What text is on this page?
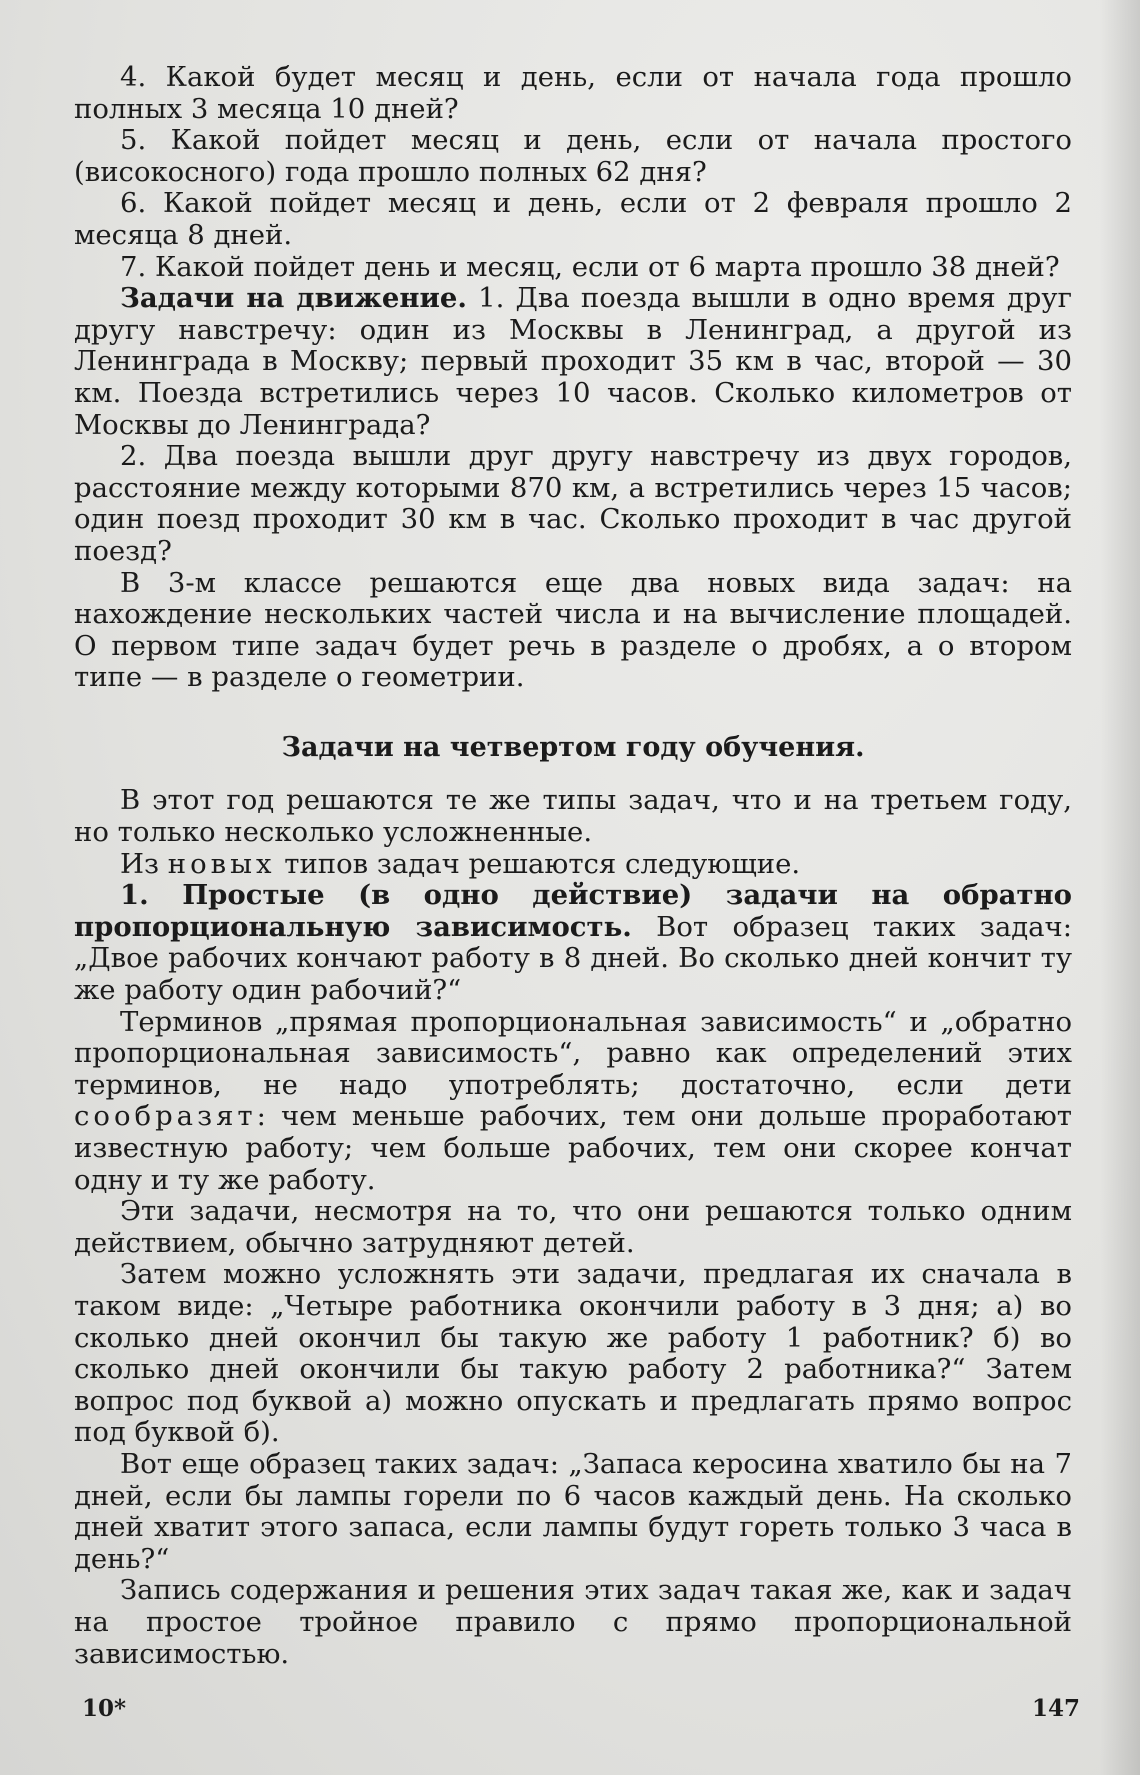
4. Какой будет месяц и день, если от начала года прошло полных 3 месяца 10 дней?

5. Какой пойдет месяц и день, если от начала простого (високосного) года прошло полных 62 дня?

6. Какой пойдет месяц и день, если от 2 февраля прошло 2 месяца 8 дней.

7. Какой пойдет день и месяц, если от 6 марта прошло 38 дней?

Задачи на движение. 1. Два поезда вышли в одно время друг другу навстречу: один из Москвы в Ленинград, а другой из Ленинграда в Москву; первый проходит 35 км в час, второй — 30 км. Поезда встретились через 10 часов. Сколько километров от Москвы до Ленинграда?

2. Два поезда вышли друг другу навстречу из двух городов, расстояние между которыми 870 км, а встретились через 15 часов; один поезд проходит 30 км в час. Сколько проходит в час другой поезд?

В 3-м классе решаются еще два новых вида задач: на нахождение нескольких частей числа и на вычисление площадей. О первом типе задач будет речь в разделе о дробях, а о втором типе — в разделе о геометрии.

Задачи на четвертом году обучения.

В этот год решаются те же типы задач, что и на третьем году, но только несколько усложненные.

Из новых типов задач решаются следующие.

1. Простые (в одно действие) задачи на обратно пропорциональную зависимость. Вот образец таких задач: „Двое рабочих кончают работу в 8 дней. Во сколько дней кончит ту же работу один рабочий?“

Терминов „прямая пропорциональная зависимость“ и „обратно пропорциональная зависимость“, равно как определений этих терминов, не надо употреблять; достаточно, если дети сообразят: чем меньше рабочих, тем они дольше проработают известную работу; чем больше рабочих, тем они скорее кончат одну и ту же работу.

Эти задачи, несмотря на то, что они решаются только одним действием, обычно затрудняют детей.

Затем можно усложнять эти задачи, предлагая их сначала в таком виде: „Четыре работника окончили работу в 3 дня; а) во сколько дней окончил бы такую же работу 1 работник? б) во сколько дней окончили бы такую работу 2 работника?“ Затем вопрос под буквой а) можно опускать и предлагать прямо вопрос под буквой б).

Вот еще образец таких задач: „Запаса керосина хватило бы на 7 дней, если бы лампы горели по 6 часов каждый день. На сколько дней хватит этого запаса, если лампы будут гореть только 3 часа в день?“

Запись содержания и решения этих задач такая же, как и задач на простое тройное правило с прямо пропорциональной зависимостью.

10*	147
